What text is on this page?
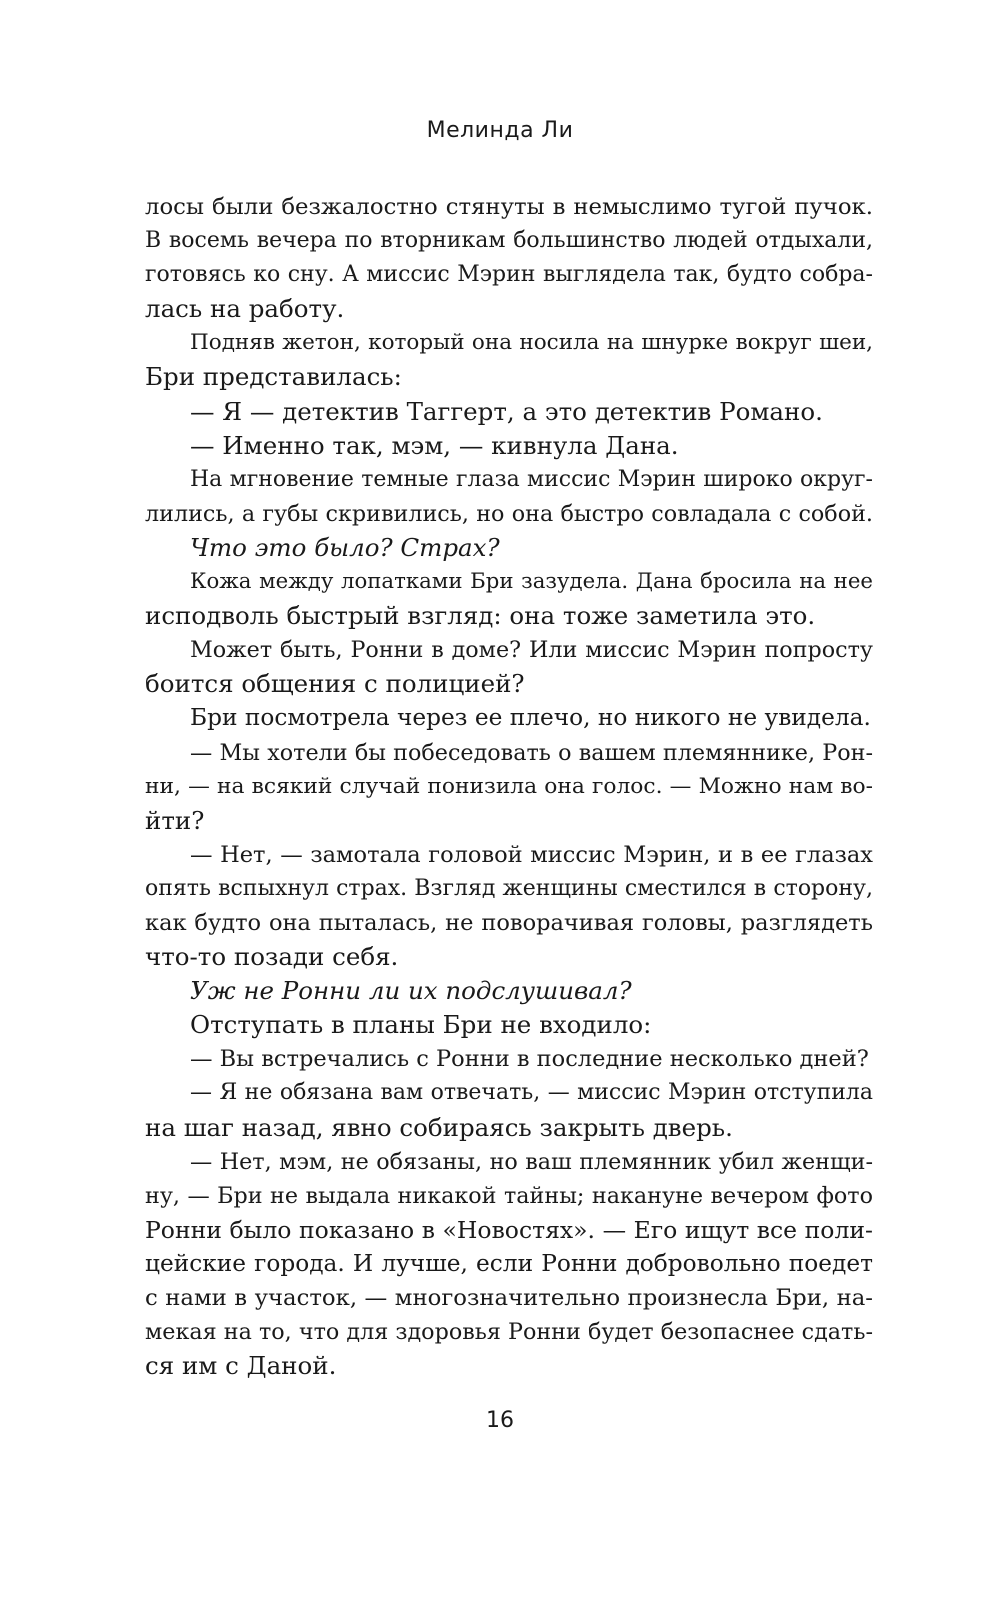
Мелинда Ли
лосы были безжалостно стянуты в немыслимо тугой пучок.
В восемь вечера по вторникам большинство людей отдыхали,
готовясь ко сну. А миссис Мэрин выглядела так, будто собра-
лась на работу.
Подняв жетон, который она носила на шнурке вокруг шеи,
Бри представилась:
— Я — детектив Таггерт, а это детектив Романо.
— Именно так, мэм, — кивнула Дана.
На мгновение темные глаза миссис Мэрин широко округ-
лились, а губы скривились, но она быстро совладала с собой.
Что это было? Страх?
Кожа между лопатками Бри зазудела. Дана бросила на нее
исподволь быстрый взгляд: она тоже заметила это.
Может быть, Ронни в доме? Или миссис Мэрин попросту
боится общения с полицией?
Бри посмотрела через ее плечо, но никого не увидела.
— Мы хотели бы побеседовать о вашем племяннике, Рон-
ни, — на всякий случай понизила она голос. — Можно нам во-
йти?
— Нет, — замотала головой миссис Мэрин, и в ее глазах
опять вспыхнул страх. Взгляд женщины сместился в сторону,
как будто она пыталась, не поворачивая головы, разглядеть
что-то позади себя.
Уж не Ронни ли их подслушивал?
Отступать в планы Бри не входило:
— Вы встречались с Ронни в последние несколько дней?
— Я не обязана вам отвечать, — миссис Мэрин отступила
на шаг назад, явно собираясь закрыть дверь.
— Нет, мэм, не обязаны, но ваш племянник убил женщи-
ну, — Бри не выдала никакой тайны; накануне вечером фото
Ронни было показано в «Новостях». — Его ищут все поли-
цейские города. И лучше, если Ронни добровольно поедет
с нами в участок, — многозначительно произнесла Бри, на-
мекая на то, что для здоровья Ронни будет безопаснее сдать-
ся им с Даной.
16
